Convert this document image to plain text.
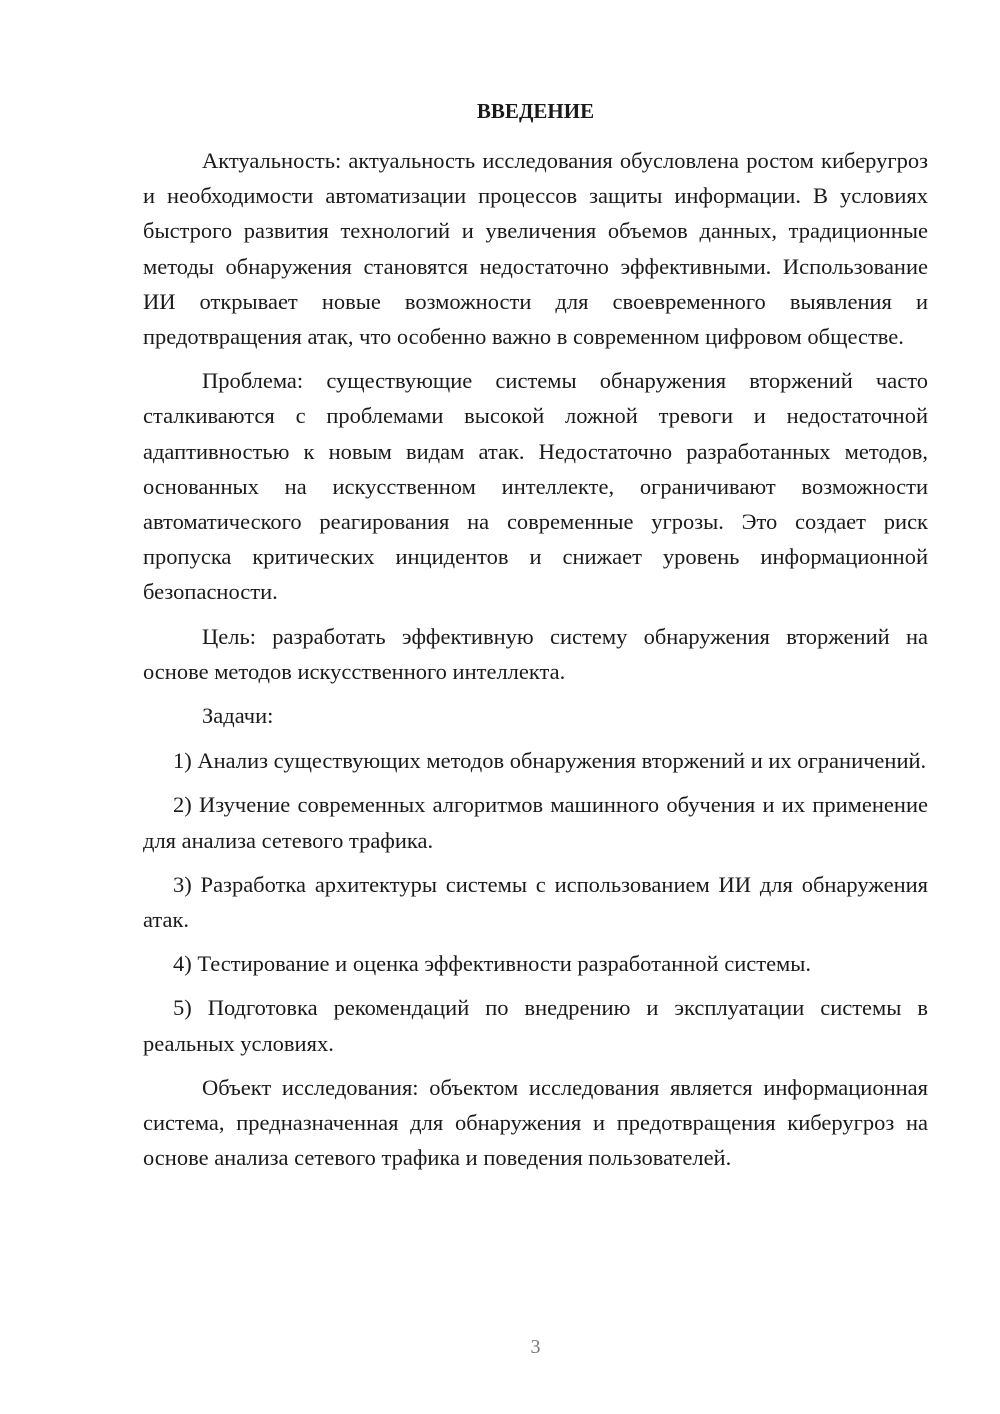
ВВЕДЕНИЕ

Актуальность: актуальность исследования обусловлена ростом киберугроз и необходимости автоматизации процессов защиты информации. В условиях быстрого развития технологий и увеличения объемов данных, традиционные методы обнаружения становятся недостаточно эффективными. Использование ИИ открывает новые возможности для своевременного выявления и предотвращения атак, что особенно важно в современном цифровом обществе.

Проблема: существующие системы обнаружения вторжений часто сталкиваются с проблемами высокой ложной тревоги и недостаточной адаптивностью к новым видам атак. Недостаточно разработанных методов, основанных на искусственном интеллекте, ограничивают возможности автоматического реагирования на современные угрозы. Это создает риск пропуска критических инцидентов и снижает уровень информационной безопасности.

Цель: разработать эффективную систему обнаружения вторжений на основе методов искусственного интеллекта.

Задачи:

1) Анализ существующих методов обнаружения вторжений и их ограничений.

2) Изучение современных алгоритмов машинного обучения и их применение для анализа сетевого трафика.

3) Разработка архитектуры системы с использованием ИИ для обнаружения атак.

4) Тестирование и оценка эффективности разработанной системы.

5) Подготовка рекомендаций по внедрению и эксплуатации системы в реальных условиях.

Объект исследования: объектом исследования является информационная система, предназначенная для обнаружения и предотвращения киберугроз на основе анализа сетевого трафика и поведения пользователей.

3
